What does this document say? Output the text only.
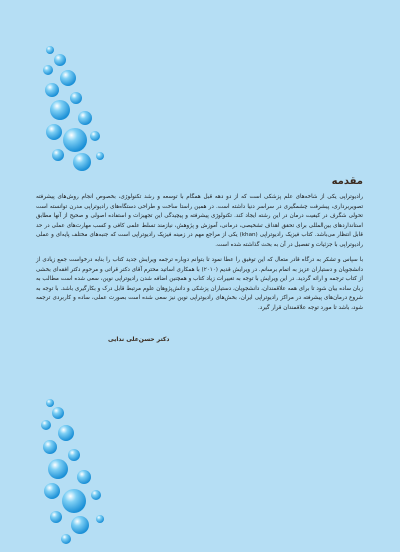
مقدمه

رادیوتراپی یکی از شاخه‌های علم پزشکی است که از دو دهه قبل همگام با توسعه و رشد تکنولوژی، بخصوص انجام روش‌های پیشرفته تصویربرداری، پیشرفت چشمگیری در سراسر دنیا داشته است. در همین راستا ساخت و طراحی دستگاه‌های رادیوتراپی مدرن توانسته است تحولی شگرف در کیفیت درمان در این رشته ایجاد کند. تکنولوژی پیشرفته و پیچیدگی این تجهیزات و استفاده اصولی و صحیح از آنها مطابق استانداردهای بین‌المللی برای تحقق اهداف تشخیصی، درمانی، آموزش و پژوهش، نیازمند تسلط علمی کافی و کسب مهارت‌های عملی در حد قابل انتظار می‌باشد. کتاب فیزیک رادیوتراپی (khan) یکی از مراجع مهم در زمینه فیزیک رادیوتراپی است که جنبه‌های مختلف پایه‌ای و عملی رادیوتراپی با جزئیات و تفصیل در آن به بحث گذاشته شده است.

با سپاس و تشکر به درگاه قادر متعال که این توفیق را عطا نمود تا بتوانم دوباره ترجمه ویرایش جدید کتاب را بنابه درخواست جمع زیادی از دانشجویان و دستیاران عزیز به اتمام برسانم. در ویرایش قدیم (۲۰۱۰) با همکاری اساتید محترم آقای دکتر قراتی و مرحوم دکتر افقه‌ای بخشی از کتاب ترجمه و ارائه گردید. در این ویرایش با توجه به تغییرات زیاد کتاب و همچنین اضافه شدن رادیوتراپی نوین، سعی شده است مطالب به زبان ساده بیان شود تا برای همه علاقمندان، دانشجویان، دستیاران پزشکی و دانش‌پژوهان علوم مرتبط قابل درک و بکارگیری باشد. با توجه به شروع درمان‌های پیشرفته در مراکز رادیوتراپی ایران، بخش‌های رادیوتراپی نوین نیز سعی شده است بصورت عملی، ساده و کاربردی ترجمه شود، باشد تا مورد توجه علاقمندان قرار گیرد.

دکتر حسن‌علی ندایی
